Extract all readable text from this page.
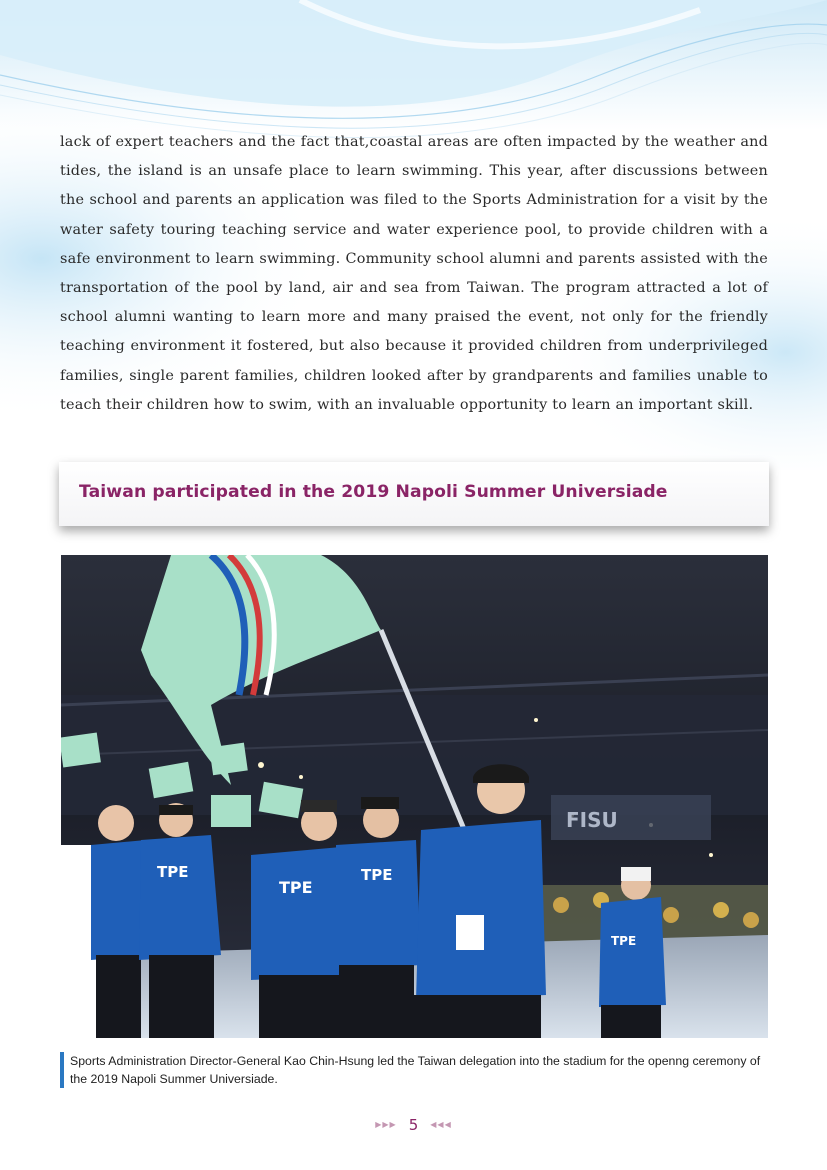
lack of expert teachers and the fact that,coastal areas are often impacted by the weather and tides, the island is an unsafe place to learn swimming. This year, after discussions between the school and parents an application was filed to the Sports Administration for a visit by the water safety touring teaching service and water experience pool, to provide children with a safe environment to learn swimming. Community school alumni and parents assisted with the transportation of the pool by land, air and sea from Taiwan. The program attracted a lot of school alumni wanting to learn more and many praised the event, not only for the friendly teaching environment it fostered, but also because it provided children from underprivileged families, single parent families, children looked after by grandparents and families unable to teach their children how to swim, with an invaluable opportunity to learn an important skill.
Taiwan participated in the 2019 Napoli Summer Universiade
FISU
TPE
TPE
TPE
TPE
Sports Administration Director-General Kao Chin-Hsung led the Taiwan delegation into the stadium for the openng ceremony of the 2019 Napoli Summer Universiade.
▶▶▶ 5 ◀◀◀
